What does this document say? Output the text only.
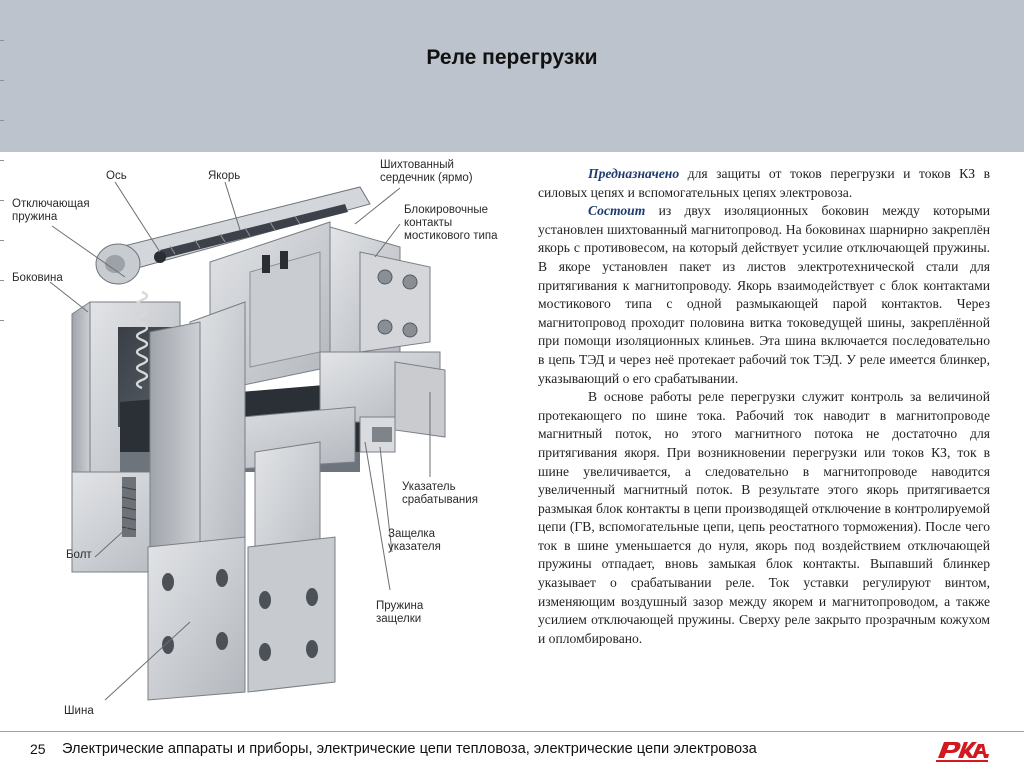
Реле перегрузки
Ось	Якорь
Шихтованный
сердечник (ярмо)
Отключающая
пружина
Блокировочные
контакты
мостикового типа
Боковина
Указатель
срабатывания
Болт
Защелка
указателя
Пружина
защелки
Шина

Предназначено для защиты от токов перегрузки и токов КЗ в силовых цепях и вспомогательных цепях электровоза.

Состоит из двух изоляционных боковин между которыми установлен шихтованный магнитопровод. На боковинах шарнирно закреплён якорь с противовесом, на который действует усилие отключающей пружины. В якоре установлен пакет из листов электротехнической стали для притягивания к магнитопроводу. Якорь взаимодействует с блок контактами мостикового типа с одной размыкающей парой контактов. Через магнитопровод проходит половина витка токоведущей шины, закреплённой при помощи изоляционных клиньев. Эта шина включается последовательно в цепь ТЭД и через неё протекает рабочий ток ТЭД. У реле имеется блинкер, указывающий о его срабатывании.

В основе работы реле перегрузки служит контроль за величиной протекающего по шине тока. Рабочий ток наводит в магнитопроводе магнитный поток, но этого магнитного потока не достаточно для притягивания якоря. При возникновении перегрузки или токов КЗ, ток в шине увеличивается, а следовательно в магнитопроводе наводится увеличенный магнитный поток. В результате этого якорь притягивается размыкая блок контакты в цепи производящей отключение в контролируемой цепи (ГВ, вспомогательные цепи, цепь реостатного торможения). После чего ток в шине уменьшается до нуля, якорь под воздействием отключающей пружины отпадает, вновь замыкая блок контакты. Выпавший блинкер указывает о срабатывании реле. Ток уставки регулируют винтом, изменяющим воздушный зазор между якорем и магнитопроводом, а также усилием отключающей пружины. Сверху реле закрыто прозрачным кожухом и опломбировано.

25 Электрические аппараты и приборы, электрические цепи тепловоза, электрические цепи электровоза
